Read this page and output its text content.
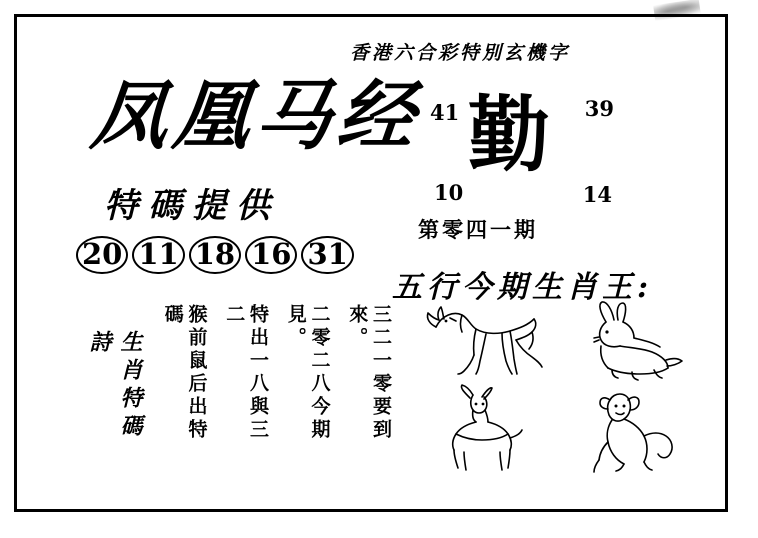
香港六合彩特別玄機字
凤凰马经
特碼提供
20 11 18 16 31
41	39
勤
10	14
第零四一期
五行今期生肖王:
生肖特碼詩	三二一零要到來。
二零二八今期見。
特出一八與三二
猴前鼠后出特碼
